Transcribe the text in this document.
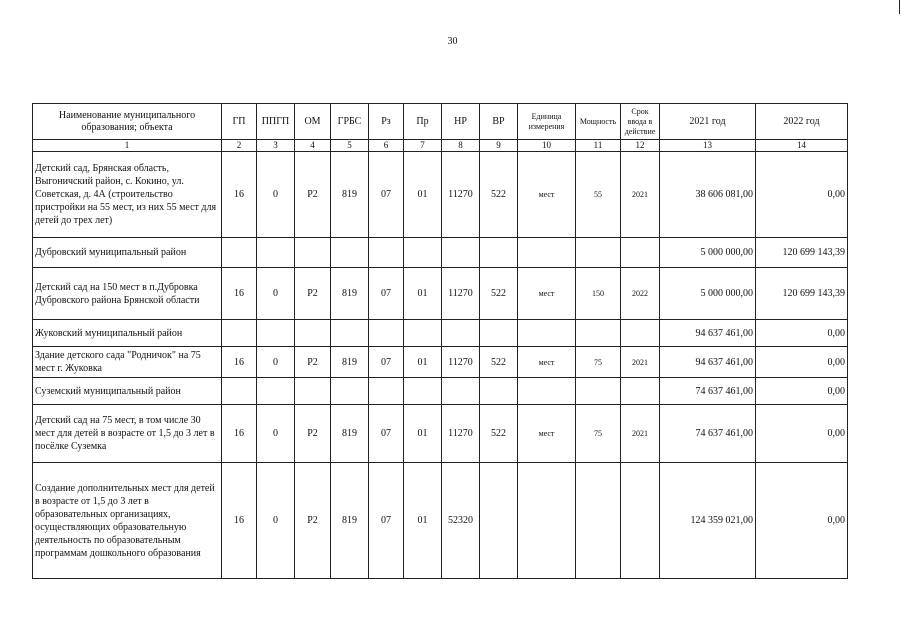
30
Наименование муниципального образования; объекта	ГП	ППГП	ОМ	ГРБС	Рз	Пр	НР	ВР	Единица измерения	Мощность	Срок ввода в действие	2021 год	2022 год
1	2	3	4	5	6	7	8	9	10	11	12	13	14
Детский сад, Брянская область, Выгоничский район, с. Кокино, ул. Советская, д. 4А (строительство пристройки на 55 мест, из них 55 мест для детей до трех лет)	16	0	P2	819	07	01	11270	522	мест	55	2021	38 606 081,00	0,00
Дубровский муниципальный район												5 000 000,00	120 699 143,39
Детский сад на 150 мест в п.Дубровка Дубровского района Брянской области	16	0	P2	819	07	01	11270	522	мест	150	2022	5 000 000,00	120 699 143,39
Жуковский муниципальный район												94 637 461,00	0,00
Здание детского сада "Родничок" на 75 мест г. Жуковка	16	0	P2	819	07	01	11270	522	мест	75	2021	94 637 461,00	0,00
Суземский муниципальный район												74 637 461,00	0,00
Детский сад на 75 мест, в том числе 30 мест для детей в возрасте от 1,5 до 3 лет в посёлке Суземка	16	0	P2	819	07	01	11270	522	мест	75	2021	74 637 461,00	0,00
Создание дополнительных мест для детей в возрасте от 1,5 до 3 лет в образовательных организациях, осуществляющих образовательную деятельность по образовательным программам дошкольного образования	16	0	P2	819	07	01	52320					124 359 021,00	0,00
